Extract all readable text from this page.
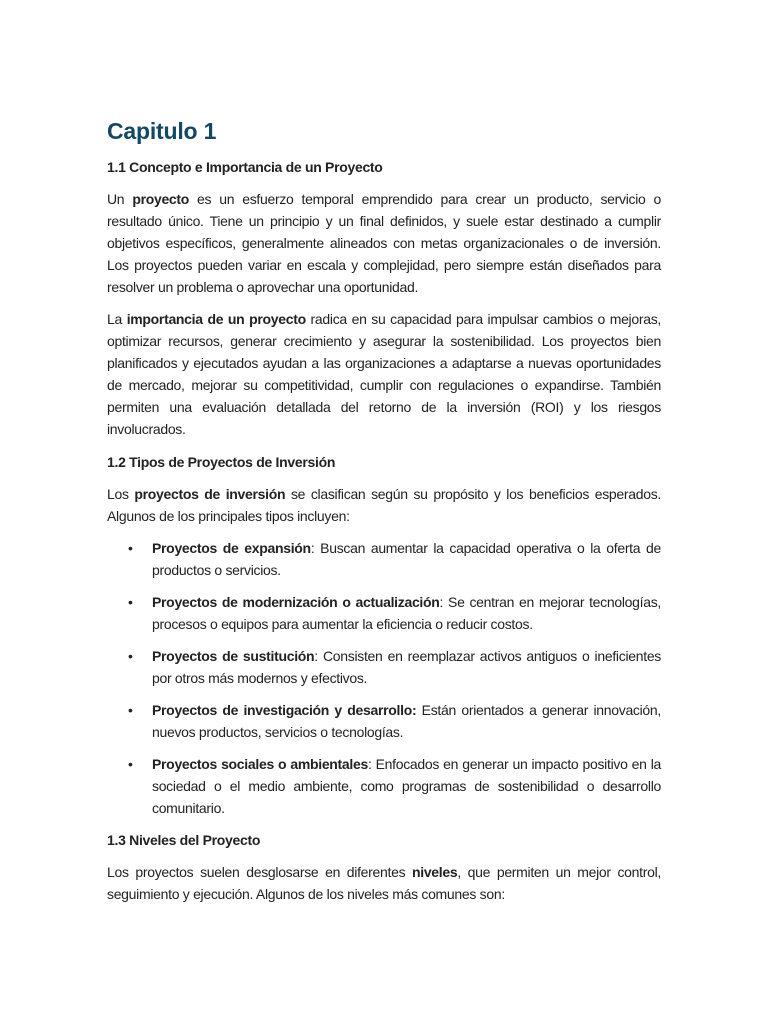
Capitulo 1
1.1 Concepto e Importancia de un Proyecto

Un proyecto es un esfuerzo temporal emprendido para crear un producto, servicio o resultado único. Tiene un principio y un final definidos, y suele estar destinado a cumplir objetivos específicos, generalmente alineados con metas organizacionales o de inversión. Los proyectos pueden variar en escala y complejidad, pero siempre están diseñados para resolver un problema o aprovechar una oportunidad.

La importancia de un proyecto radica en su capacidad para impulsar cambios o mejoras, optimizar recursos, generar crecimiento y asegurar la sostenibilidad. Los proyectos bien planificados y ejecutados ayudan a las organizaciones a adaptarse a nuevas oportunidades de mercado, mejorar su competitividad, cumplir con regulaciones o expandirse. También permiten una evaluación detallada del retorno de la inversión (ROI) y los riesgos involucrados.

1.2 Tipos de Proyectos de Inversión

Los proyectos de inversión se clasifican según su propósito y los beneficios esperados. Algunos de los principales tipos incluyen:

• Proyectos de expansión: Buscan aumentar la capacidad operativa o la oferta de productos o servicios.
• Proyectos de modernización o actualización: Se centran en mejorar tecnologías, procesos o equipos para aumentar la eficiencia o reducir costos.
• Proyectos de sustitución: Consisten en reemplazar activos antiguos o ineficientes por otros más modernos y efectivos.
• Proyectos de investigación y desarrollo: Están orientados a generar innovación, nuevos productos, servicios o tecnologías.
• Proyectos sociales o ambientales: Enfocados en generar un impacto positivo en la sociedad o el medio ambiente, como programas de sostenibilidad o desarrollo comunitario.
1.3 Niveles del Proyecto

Los proyectos suelen desglosarse en diferentes niveles, que permiten un mejor control, seguimiento y ejecución. Algunos de los niveles más comunes son:
